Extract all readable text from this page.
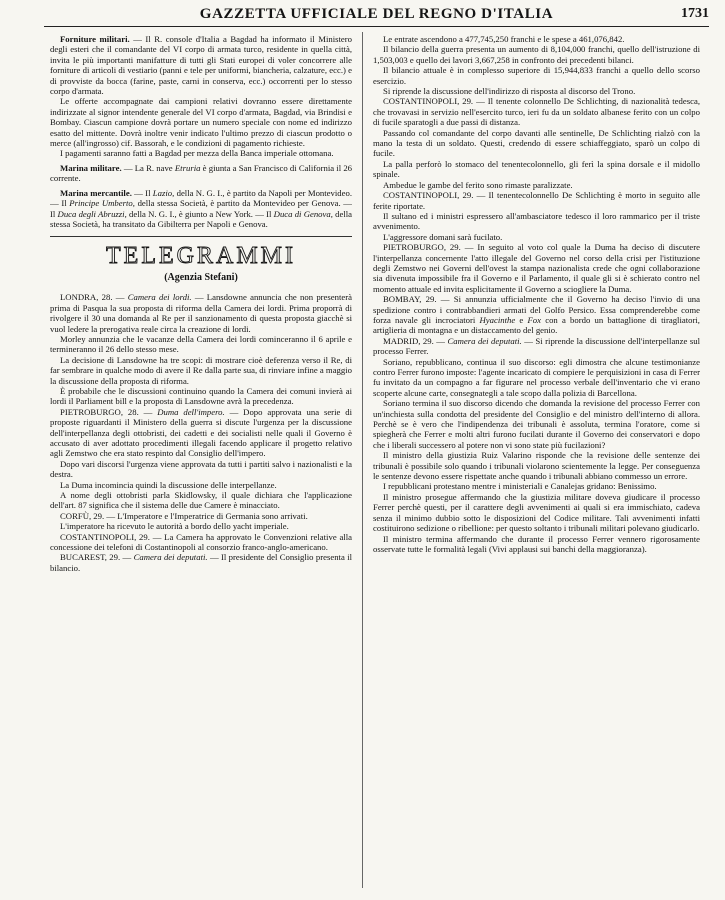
GAZZETTA UFFICIALE DEL REGNO D'ITALIA	1731

Forniture militari. — Il R. console d'Italia a Bagdad ha informato il Ministero degli esteri che il comandante del VI corpo di armata turco, residente in quella città, invita le più importanti manifatture di tutti gli Stati europei di voler concorrere alle forniture di articoli di vestiario (panni e tele per uniformi, biancheria, calzature, ecc.) e di provviste da bocca (farine, paste, carni in conserva, ecc.) occorrenti per lo stesso corpo d'armata.

Le offerte accompagnate dai campioni relativi dovranno essere direttamente indirizzate al signor intendente generale del VI corpo d'armata, Bagdad, via Brindisi e Bombay. Ciascun campione dovrà portare un numero speciale con nome ed indirizzo esatto del mittente. Dovrà inoltre venir indicato l'ultimo prezzo di ciascun prodotto o merce (all'ingrosso) cif. Bassorah, e le condizioni di pagamento richieste.

I pagamenti saranno fatti a Bagdad per mezza della Banca imperiale ottomana.

Marina militare. — La R. nave Etruria è giunta a San Francisco di California il 26 corrente.

Marina mercantile. — Il Lazio, della N. G. I., è partito da Napoli per Montevideo. — Il Principe Umberto, della stessa Società, è partito da Montevideo per Genova. — Il Duca degli Abruzzi, della N. G. I., è giunto a New York. — Il Duca di Genova, della stessa Società, ha transitato da Gibilterra per Napoli e Genova.

TELEGRAMMI
(Agenzia Stefani)

LONDRA, 28. — Camera dei lordi. — Lansdowne annuncia che non presenterà prima di Pasqua la sua proposta di riforma della Camera dei lordi. Prima proporrà di rivolgere il 30 una domanda al Re per il sanzionamento di questa proposta giacchè si vuol ledere la prerogativa reale circa la creazione di lordi.

Morley annunzia che le vacanze della Camera dei lordi cominceranno il 6 aprile e termineranno il 26 dello stesso mese.

La decisione di Lansdowne ha tre scopi: di mostrare cioè deferenza verso il Re, di far sembrare in qualche modo di avere il Re dalla parte sua, di rinviare infine a maggio la discussione della proposta di riforma.

È probabile che le discussioni continuino quando la Camera dei comuni invierà ai lordi il Parliament bill e la proposta di Lansdowne avrà la precedenza.

PIETROBURGO, 28. — Duma dell'impero. — Dopo approvata una serie di proposte riguardanti il Ministero della guerra si discute l'urgenza per la discussione dell'interpellanza degli ottobristi, dei cadetti e dei socialisti nelle quali il Governo è accusato di aver adottato procedimenti illegali facendo applicare il progetto relativo agli Zemstwo che era stato respinto dal Consiglio dell'impero.

Dopo vari discorsi l'urgenza viene approvata da tutti i partiti salvo i nazionalisti e la destra.

La Duma incomincia quindi la discussione delle interpellanze.

A nome degli ottobristi parla Skidlowsky, il quale dichiara che l'applicazione dell'art. 87 significa che il sistema delle due Camere è minacciato.

CORFÙ, 29. — L'Imperatore e l'Imperatrice di Germania sono arrivati.

L'imperatore ha ricevuto le autorità a bordo dello yacht imperiale.

COSTANTINOPOLI, 29. — La Camera ha approvato le Convenzioni relative alla concessione dei telefoni di Costantinopoli al consorzio franco-anglo-americano.

BUCAREST, 29. — Camera dei deputati. — Il presidente del Consiglio presenta il bilancio.

Le entrate ascendono a 477,745,250 franchi e le spese a 461,076,842.

Il bilancio della guerra presenta un aumento di 8,104,000 franchi, quello dell'istruzione di 1,503,003 e quello dei lavori 3,667,258 in confronto dei precedenti bilanci.

Il bilancio attuale è in complesso superiore di 15,944,833 franchi a quello dello scorso esercizio.

Si riprende la discussione dell'indirizzo di risposta al discorso del Trono.

COSTANTINOPOLI, 29. — Il tenente colonnello De Schlichting, di nazionalità tedesca, che trovavasi in servizio nell'esercito turco, ieri fu da un soldato albanese ferito con un colpo di fucile sparatogli a due passi di distanza.

Passando col comandante del corpo davanti alle sentinelle, De Schlichting rialzò con la mano la testa di un soldato. Questi, credendo di essere schiaffeggiato, sparò un colpo di fucile.

La palla perforò lo stomaco del tenentecolonnello, gli ferì la spina dorsale e il midollo spinale.

Ambedue le gambe del ferito sono rimaste paralizzate.

COSTANTINOPOLI, 29. — Il tenentecolonnello De Schlichting è morto in seguito alle ferite riportate.

Il sultano ed i ministri espressero all'ambasciatore tedesco il loro rammarico per il triste avvenimento.

L'aggressore domani sarà fucilato.

PIETROBURGO, 29. — In seguito al voto col quale la Duma ha deciso di discutere l'interpellanza concernente l'atto illegale del Governo nel corso della crisi per l'istituzione degli Zemstwo nei Governi dell'ovest la stampa nazionalista crede che ogni collaborazione sia divenuta impossibile fra il Governo e il Parlamento, il quale gli si è schierato contro nel momento attuale ed invita esplicitamente il Governo a sciogliere la Duma.

BOMBAY, 29. — Si annunzia ufficialmente che il Governo ha deciso l'invio di una spedizione contro i contrabbandieri armati del Golfo Persico. Essa comprenderebbe come forza navale gli incrociatori Hyacinthe e Fox con a bordo un battaglione di tiragliatori, artiglieria di montagna e un distaccamento del genio.

MADRID, 29. — Camera dei deputati. — Si riprende la discussione dell'interpellanze sul processo Ferrer.

Soriano, repubblicano, continua il suo discorso: egli dimostra che alcune testimonianze contro Ferrer furono imposte: l'agente incaricato di compiere le perquisizioni in casa di Ferrer fu invitato da un compagno a far figurare nel processo verbale dell'inventario che vi erano scoperte alcune carte, consegnategli a tale scopo dalla polizia di Barcellona.

Soriano termina il suo discorso dicendo che domanda la revisione del processo Ferrer con un'inchiesta sulla condotta del presidente del Consiglio e del ministro dell'interno di allora. Perchè se è vero che l'indipendenza dei tribunali è assoluta, termina l'oratore, come si spiegherà che Ferrer e molti altri furono fucilati durante il Governo dei conservatori e dopo che i liberali successero al potere non vi sono state più fucilazioni?

Il ministro della giustizia Ruiz Valarino risponde che la revisione delle sentenze dei tribunali è possibile solo quando i tribunali violarono scientemente la legge. Per conseguenza le sentenze devono essere rispettate anche quando i tribunali abbiano commesso un errore.

I repubblicani protestano mentre i ministeriali e Canalejas gridano: Benissimo.

Il ministro prosegue affermando che la giustizia militare doveva giudicare il processo Ferrer perchè questi, per il carattere degli avvenimenti ai quali si era immischiato, cadeva senza il minimo dubbio sotto le disposizioni del Codice militare. Tali avvenimenti infatti costituirono sedizione o ribellione: per questo soltanto i tribunali militari polevano giudicarlo.

Il ministro termina affermando che durante il processo Ferrer vennero rigorosamente osservate tutte le formalità legali (Vivi applausi sui banchi della maggioranza).
